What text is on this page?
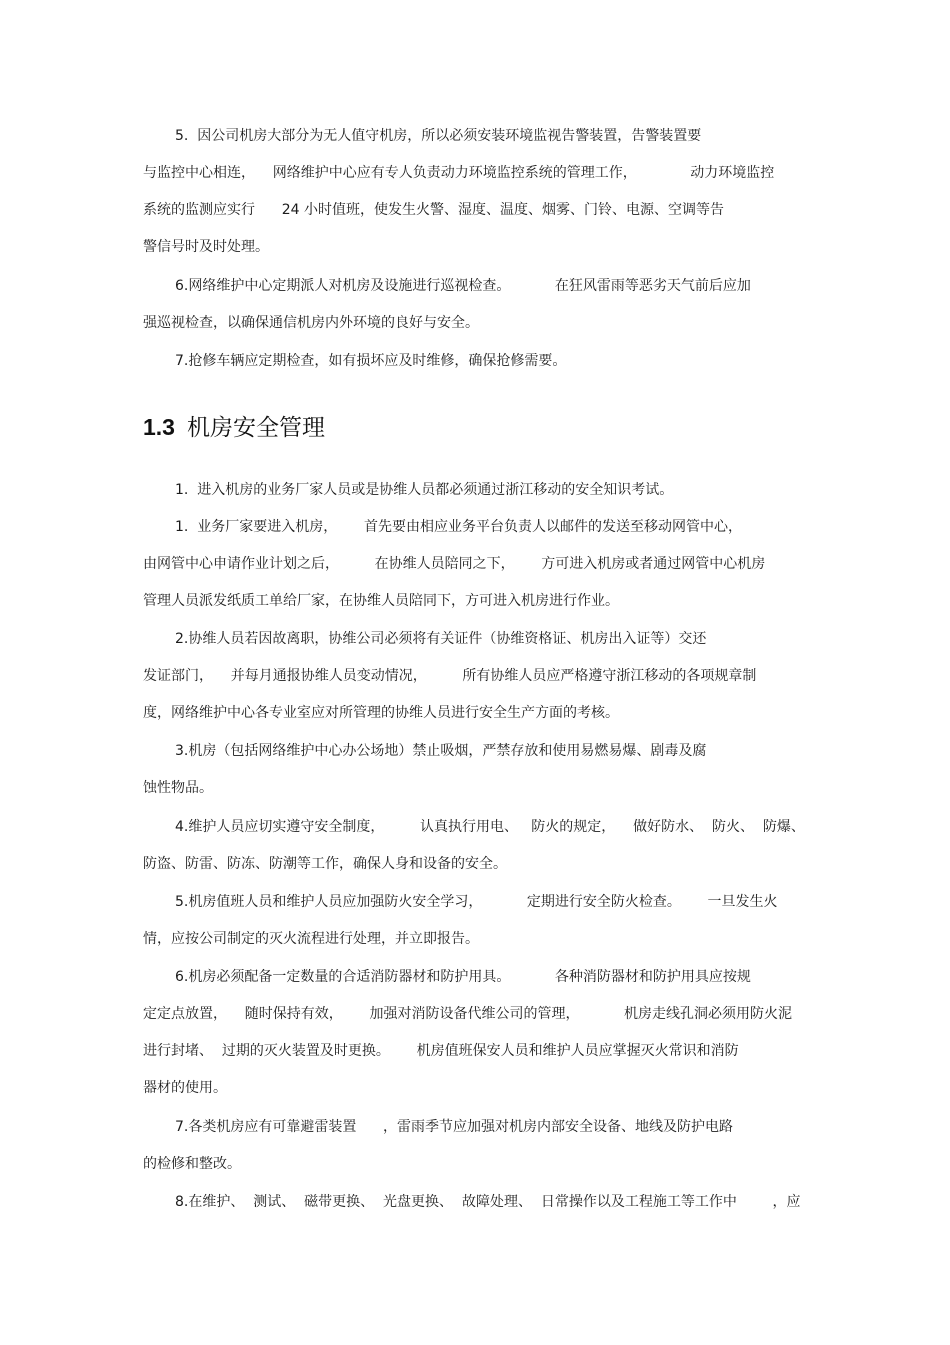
5.  因公司机房大部分为无人值守机房，所以必须安装环境监视告警装置，告警装置要
与监控中心相连，    网络维护中心应有专人负责动力环境监控系统的管理工作，            动力环境监控
系统的监测应实行      24 小时值班，使发生火警、湿度、温度、烟雾、门铃、电源、空调等告
警信号时及时处理。
6.网络维护中心定期派人对机房及设施进行巡视检查。          在狂风雷雨等恶劣天气前后应加
强巡视检查，以确保通信机房内外环境的良好与安全。
7.抢修车辆应定期检查，如有损坏应及时维修，确保抢修需要。
1.3 机房安全管理
1.  进入机房的业务厂家人员或是协维人员都必须通过浙江移动的安全知识考试。
1.  业务厂家要进入机房，      首先要由相应业务平台负责人以邮件的发送至移动网管中心，
由网管中心申请作业计划之后，        在协维人员陪同之下，      方可进入机房或者通过网管中心机房
管理人员派发纸质工单给厂家，在协维人员陪同下，方可进入机房进行作业。
2.协维人员若因故离职，协维公司必须将有关证件（协维资格证、机房出入证等）交还
发证部门，    并每月通报协维人员变动情况，        所有协维人员应严格遵守浙江移动的各项规章制
度，网络维护中心各专业室应对所管理的协维人员进行安全生产方面的考核。
3.机房（包括网络维护中心办公场地）禁止吸烟，严禁存放和使用易燃易爆、剧毒及腐
蚀性物品。
4.维护人员应切实遵守安全制度，        认真执行用电、   防火的规定，    做好防水、  防火、  防爆、
防盗、防雷、防冻、防潮等工作，确保人身和设备的安全。
5.机房值班人员和维护人员应加强防火安全学习，          定期进行安全防火检查。      一旦发生火
情，应按公司制定的灭火流程进行处理，并立即报告。
6.机房必须配备一定数量的合适消防器材和防护用具。          各种消防器材和防护用具应按规
定定点放置，    随时保持有效，      加强对消防设备代维公司的管理，          机房走线孔洞必须用防火泥
进行封堵、  过期的灭火装置及时更换。      机房值班保安人员和维护人员应掌握灭火常识和消防
器材的使用。
7.各类机房应有可靠避雷装置      ，雷雨季节应加强对机房内部安全设备、地线及防护电路
的检修和整改。
8.在维护、  测试、  磁带更换、  光盘更换、  故障处理、  日常操作以及工程施工等工作中        ，应
